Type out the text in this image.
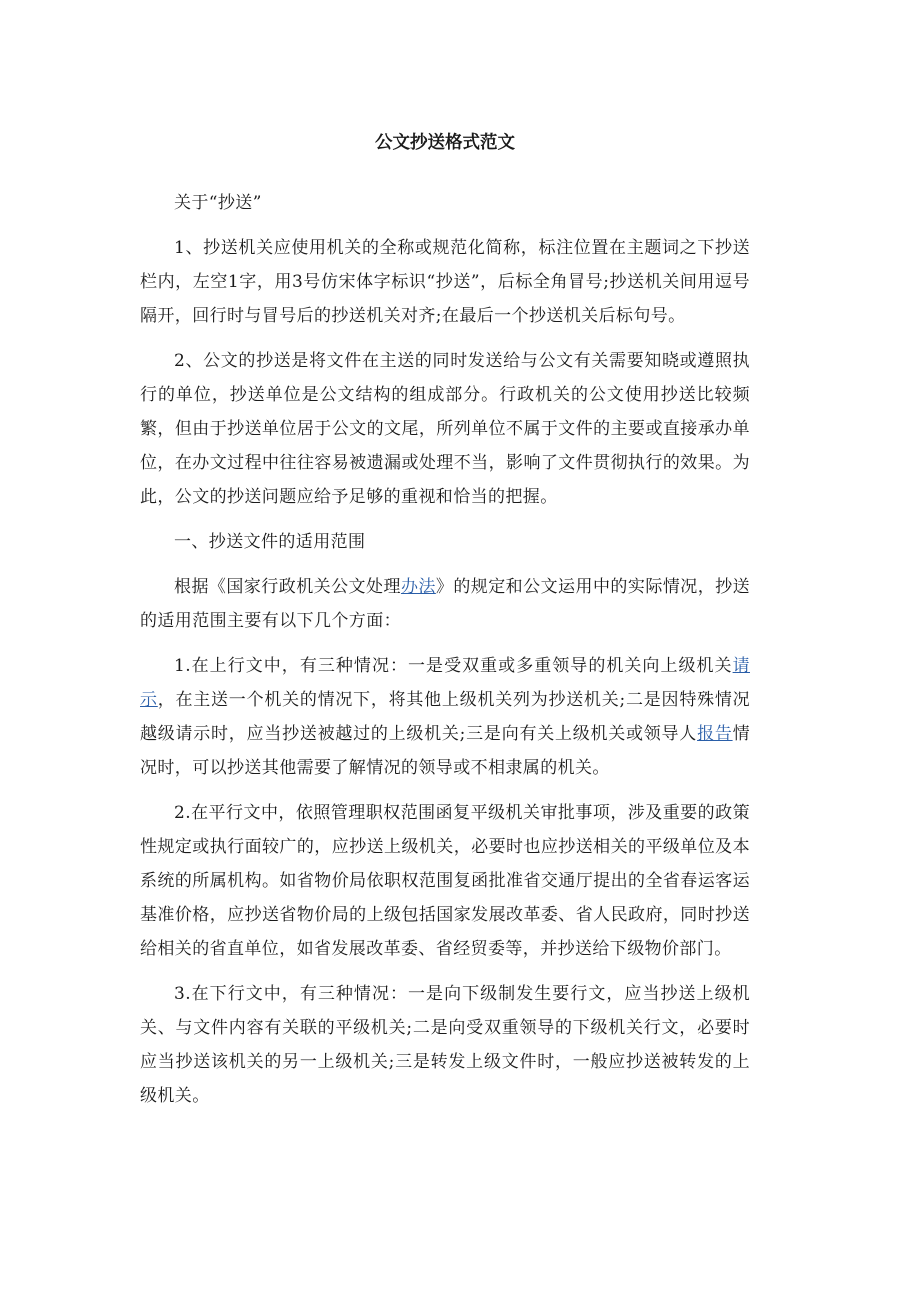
公文抄送格式范文

关于“抄送”

1、抄送机关应使用机关的全称或规范化简称，标注位置在主题词之下抄送栏内，左空1字，用3号仿宋体字标识“抄送”，后标全角冒号;抄送机关间用逗号隔开，回行时与冒号后的抄送机关对齐;在最后一个抄送机关后标句号。

2、公文的抄送是将文件在主送的同时发送给与公文有关需要知晓或遵照执行的单位，抄送单位是公文结构的组成部分。行政机关的公文使用抄送比较频繁，但由于抄送单位居于公文的文尾，所列单位不属于文件的主要或直接承办单位，在办文过程中往往容易被遗漏或处理不当，影响了文件贯彻执行的效果。为此，公文的抄送问题应给予足够的重视和恰当的把握。

一、抄送文件的适用范围

根据《国家行政机关公文处理办法》的规定和公文运用中的实际情况，抄送的适用范围主要有以下几个方面：

1.在上行文中，有三种情况：一是受双重或多重领导的机关向上级机关请示，在主送一个机关的情况下，将其他上级机关列为抄送机关;二是因特殊情况越级请示时，应当抄送被越过的上级机关;三是向有关上级机关或领导人报告情况时，可以抄送其他需要了解情况的领导或不相隶属的机关。

2.在平行文中，依照管理职权范围函复平级机关审批事项，涉及重要的政策性规定或执行面较广的，应抄送上级机关，必要时也应抄送相关的平级单位及本系统的所属机构。如省物价局依职权范围复函批准省交通厅提出的全省春运客运基准价格，应抄送省物价局的上级包括国家发展改革委、省人民政府，同时抄送给相关的省直单位，如省发展改革委、省经贸委等，并抄送给下级物价部门。

3.在下行文中，有三种情况：一是向下级制发生要行文，应当抄送上级机关、与文件内容有关联的平级机关;二是向受双重领导的下级机关行文，必要时应当抄送该机关的另一上级机关;三是转发上级文件时，一般应抄送被转发的上级机关。
